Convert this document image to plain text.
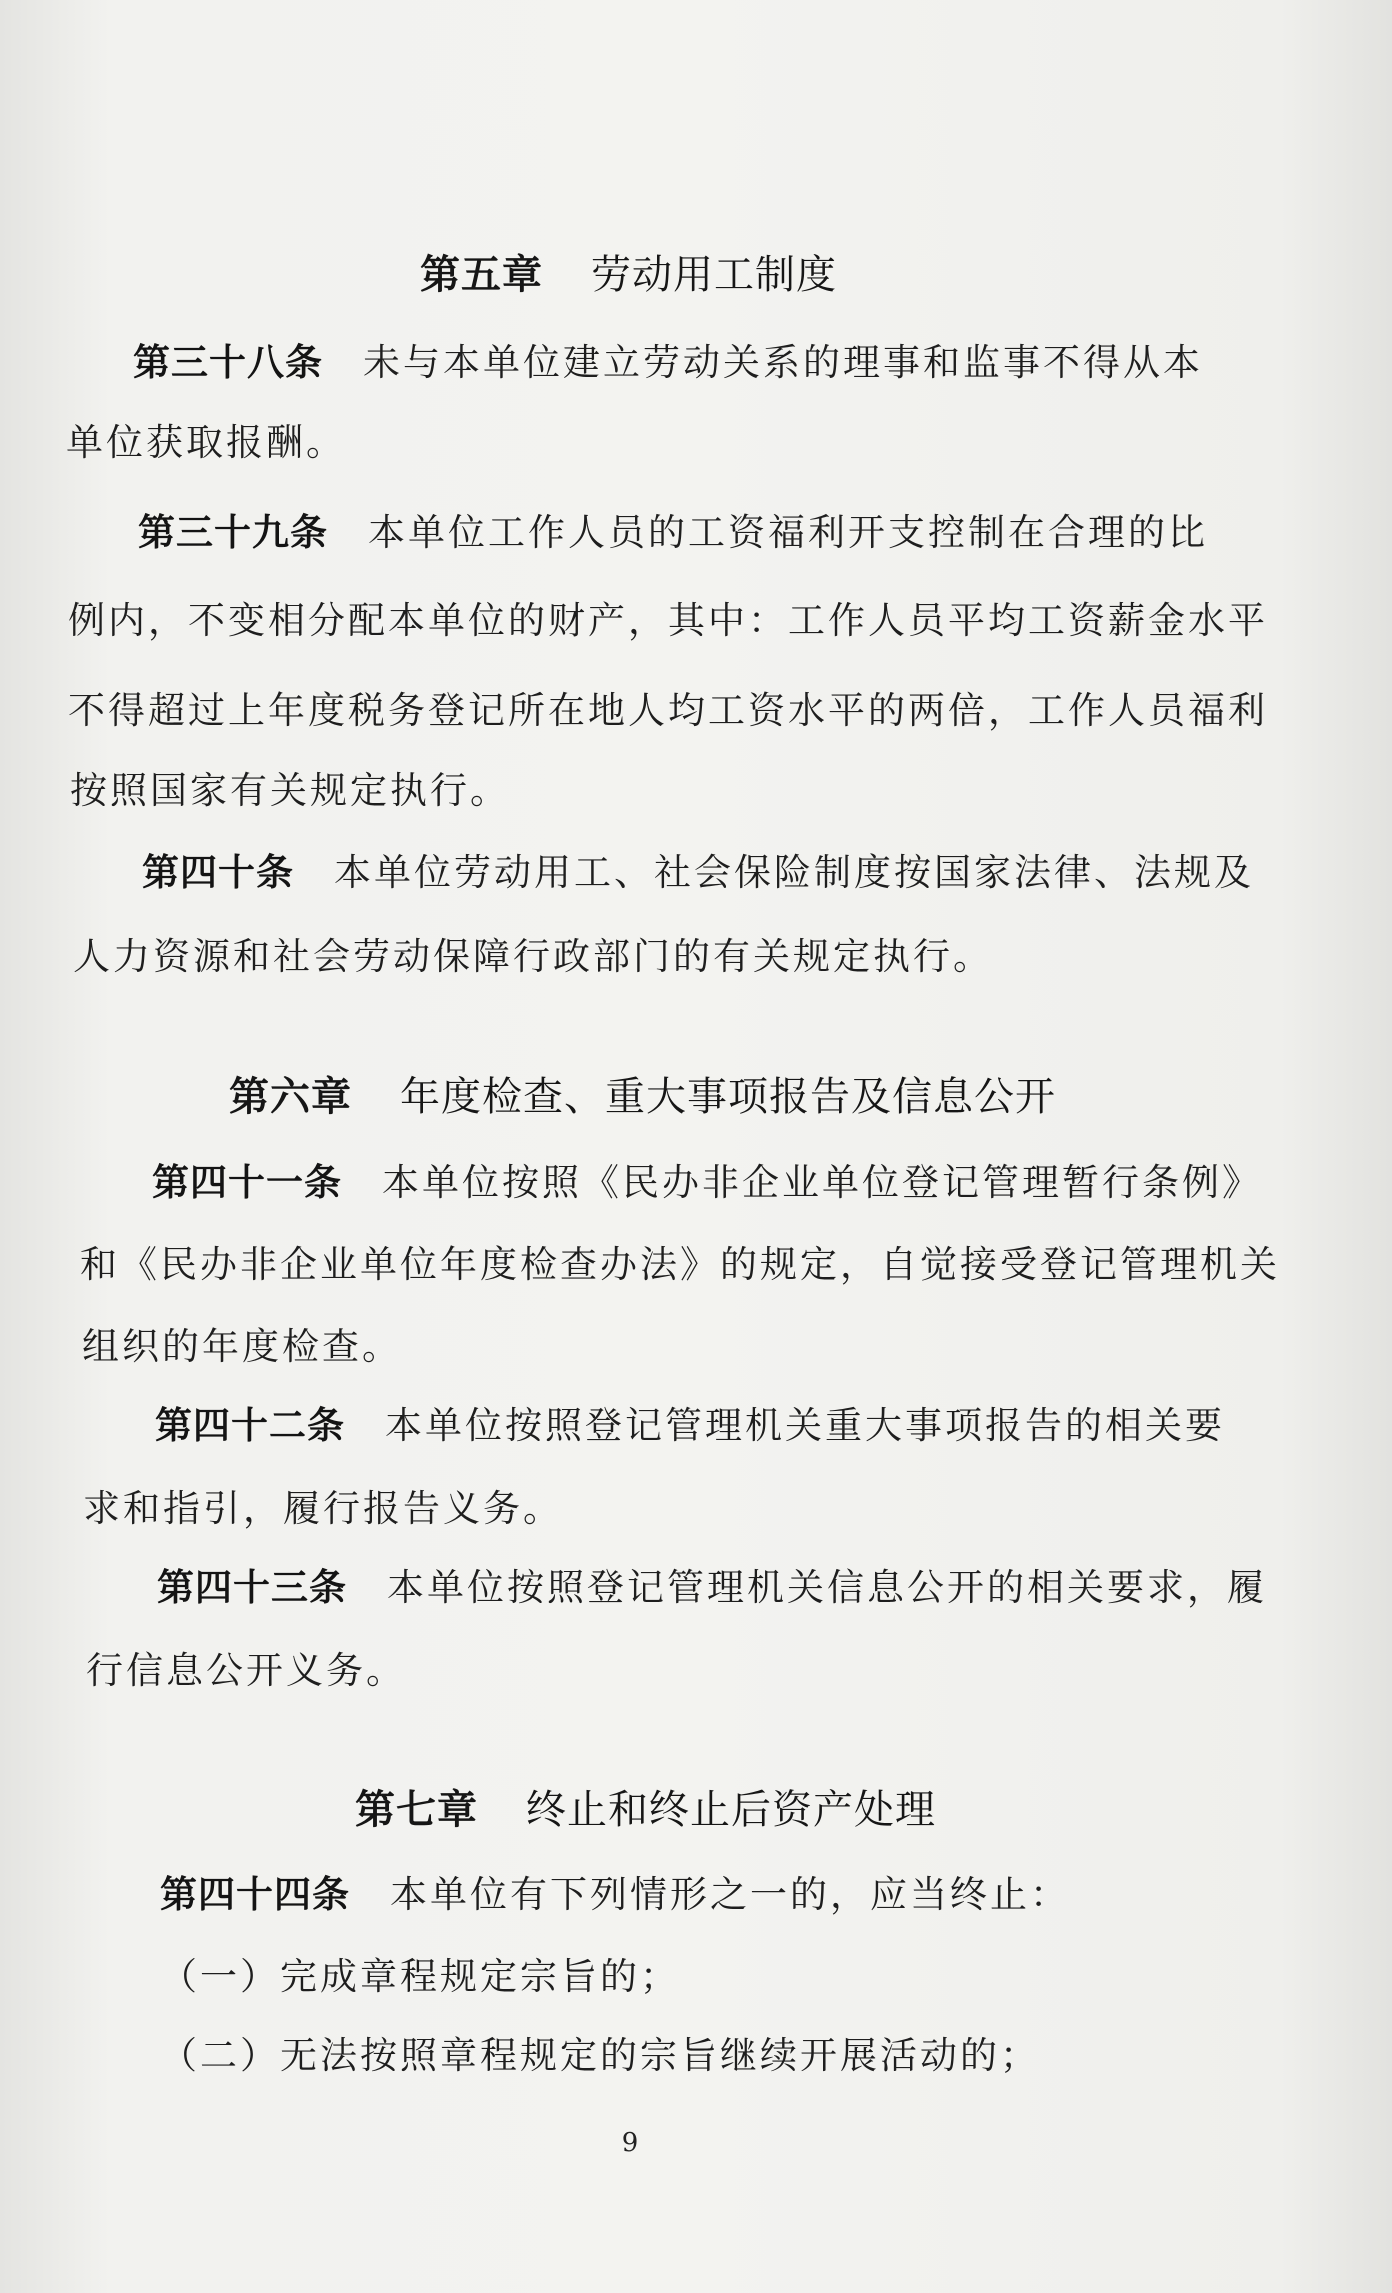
第五章 劳动用工制度
第三十八条 未与本单位建立劳动关系的理事和监事不得从本
单位获取报酬。
第三十九条 本单位工作人员的工资福利开支控制在合理的比
例内，不变相分配本单位的财产，其中：工作人员平均工资薪金水平
不得超过上年度税务登记所在地人均工资水平的两倍，工作人员福利
按照国家有关规定执行。
第四十条 本单位劳动用工、社会保险制度按国家法律、法规及
人力资源和社会劳动保障行政部门的有关规定执行。
第六章 年度检查、重大事项报告及信息公开
第四十一条 本单位按照《民办非企业单位登记管理暂行条例》
和《民办非企业单位年度检查办法》的规定，自觉接受登记管理机关
组织的年度检查。
第四十二条 本单位按照登记管理机关重大事项报告的相关要
求和指引，履行报告义务。
第四十三条 本单位按照登记管理机关信息公开的相关要求，履
行信息公开义务。
第七章 终止和终止后资产处理
第四十四条 本单位有下列情形之一的，应当终止：
（一）完成章程规定宗旨的；
（二）无法按照章程规定的宗旨继续开展活动的；
9
